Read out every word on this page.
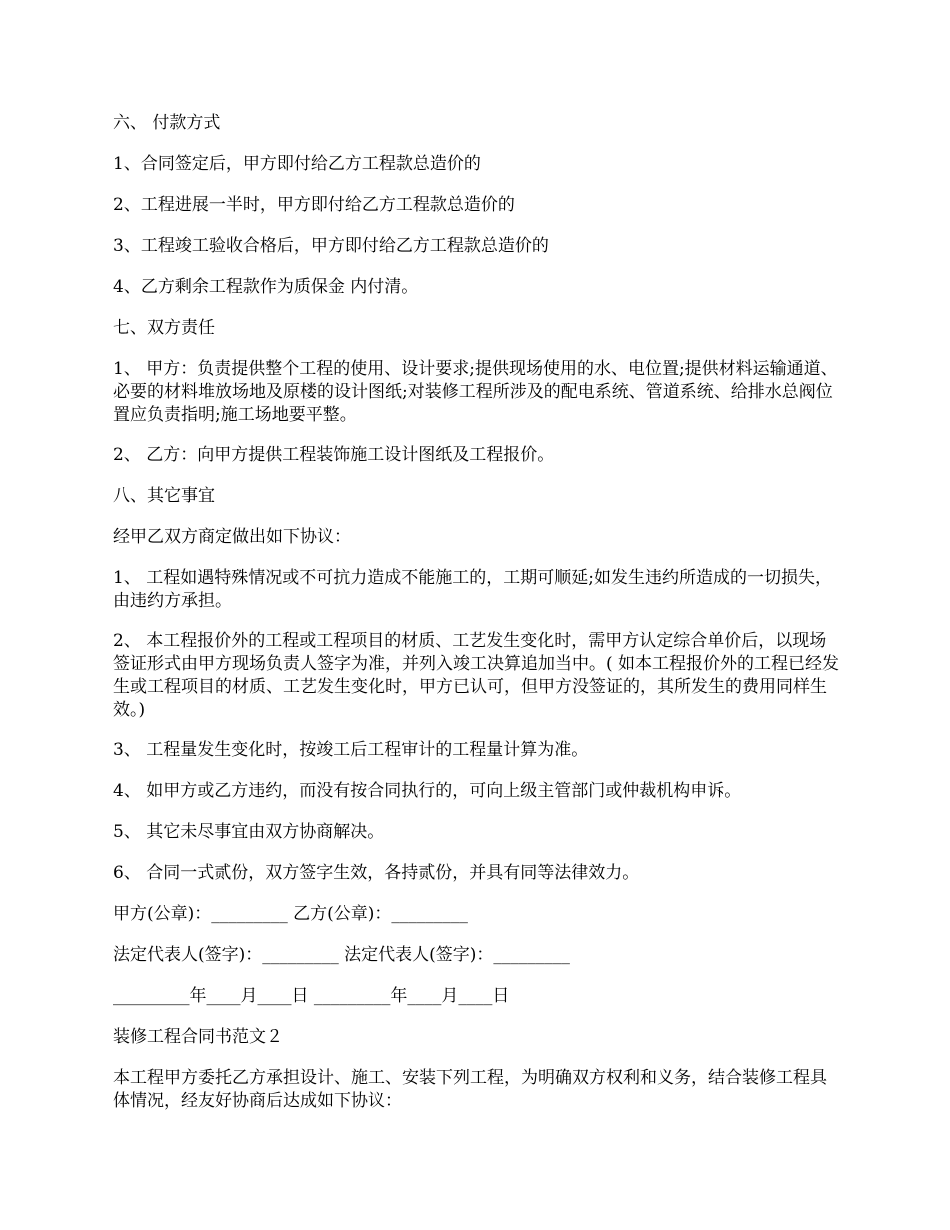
六、 付款方式

1、合同签定后，甲方即付给乙方工程款总造价的

2、工程进展一半时，甲方即付给乙方工程款总造价的

3、工程竣工验收合格后，甲方即付给乙方工程款总造价的

4、乙方剩余工程款作为质保金 内付清。

七、双方责任

1、 甲方：负责提供整个工程的使用、设计要求;提供现场使用的水、电位置;提供材料运输通道、必要的材料堆放场地及原楼的设计图纸;对装修工程所涉及的配电系统、管道系统、给排水总阀位置应负责指明;施工场地要平整。

2、 乙方：向甲方提供工程装饰施工设计图纸及工程报价。

八、其它事宜

经甲乙双方商定做出如下协议：

1、 工程如遇特殊情况或不可抗力造成不能施工的，工期可顺延;如发生违约所造成的一切损失，由违约方承担。

2、 本工程报价外的工程或工程项目的材质、工艺发生变化时，需甲方认定综合单价后，以现场签证形式由甲方现场负责人签字为准，并列入竣工决算追加当中。( 如本工程报价外的工程已经发生或工程项目的材质、工艺发生变化时，甲方已认可，但甲方没签证的，其所发生的费用同样生效。)

3、 工程量发生变化时，按竣工后工程审计的工程量计算为准。

4、 如甲方或乙方违约，而没有按合同执行的，可向上级主管部门或仲裁机构申诉。

5、 其它未尽事宜由双方协商解决。

6、 合同一式贰份，双方签字生效，各持贰份，并具有同等法律效力。

甲方(公章)：_________ 乙方(公章)：_________

法定代表人(签字)：_________ 法定代表人(签字)：_________

_________年____月____日 _________年____月____日

装修工程合同书范文２

本工程甲方委托乙方承担设计、施工、安装下列工程，为明确双方权利和义务，结合装修工程具体情况，经友好协商后达成如下协议：
